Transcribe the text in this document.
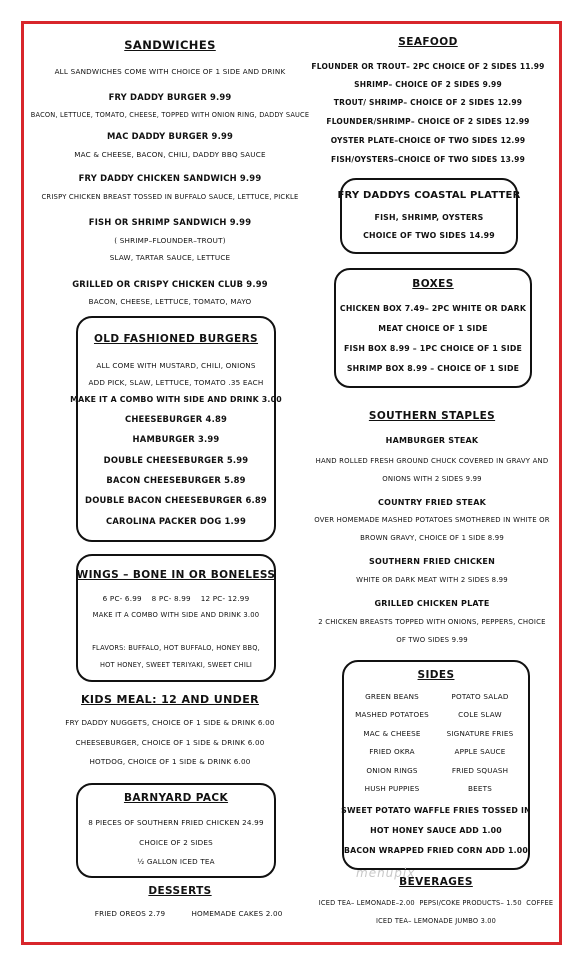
SANDWICHES
ALL SANDWICHES COME WITH CHOICE OF 1 SIDE AND DRINK
FRY DADDY BURGER 9.99
BACON, LETTUCE, TOMATO, CHEESE, TOPPED WITH ONION RING, DADDY SAUCE
MAC DADDY BURGER 9.99
MAC & CHEESE, BACON, CHILI, DADDY BBQ SAUCE
FRY DADDY CHICKEN SANDWICH 9.99
CRISPY CHICKEN BREAST TOSSED IN BUFFALO SAUCE, LETTUCE, PICKLE
FISH OR SHRIMP SANDWICH 9.99
( SHRIMP–FLOUNDER–TROUT)
SLAW, TARTAR SAUCE, LETTUCE
GRILLED OR CRISPY CHICKEN CLUB 9.99
BACON, CHEESE, LETTUCE, TOMATO, MAYO
OLD FASHIONED BURGERS
ALL COME WITH MUSTARD, CHILI, ONIONS
ADD PICK, SLAW, LETTUCE, TOMATO .35 EACH
MAKE IT A COMBO WITH SIDE AND DRINK 3.00
CHEESEBURGER 4.89
HAMBURGER 3.99
DOUBLE CHEESEBURGER 5.99
BACON CHEESEBURGER 5.89
DOUBLE BACON CHEESEBURGER 6.89
CAROLINA PACKER DOG 1.99
WINGS – BONE IN OR BONELESS
6 PC- 6.99    8 PC- 8.99    12 PC- 12.99
MAKE IT A COMBO WITH SIDE AND DRINK 3.00
FLAVORS: BUFFALO, HOT BUFFALO, HONEY BBQ,
HOT HONEY, SWEET TERIYAKI, SWEET CHILI
KIDS MEAL: 12 AND UNDER
FRY DADDY NUGGETS, CHOICE OF 1 SIDE & DRINK 6.00
CHEESEBURGER, CHOICE OF 1 SIDE & DRINK 6.00
HOTDOG, CHOICE OF 1 SIDE & DRINK 6.00
BARNYARD PACK
8 PIECES OF SOUTHERN FRIED CHICKEN 24.99
CHOICE OF 2 SIDES
½ GALLON ICED TEA
DESSERTS
FRIED OREOS 2.79	HOMEMADE CAKES 2.00
SEAFOOD
FLOUNDER OR TROUT– 2PC CHOICE OF 2 SIDES 11.99
SHRIMP– CHOICE OF 2 SIDES 9.99
TROUT/ SHRIMP– CHOICE OF 2 SIDES 12.99
FLOUNDER/SHRIMP– CHOICE OF 2 SIDES 12.99
OYSTER PLATE–CHOICE OF TWO SIDES 12.99
FISH/OYSTERS–CHOICE OF TWO SIDES 13.99
FRY DADDYS COASTAL PLATTER
FISH, SHRIMP, OYSTERS
CHOICE OF TWO SIDES 14.99
BOXES
CHICKEN BOX 7.49– 2PC WHITE OR DARK
MEAT CHOICE OF 1 SIDE
FISH BOX 8.99 – 1PC CHOICE OF 1 SIDE
SHRIMP BOX 8.99 – CHOICE OF 1 SIDE
SOUTHERN STAPLES
HAMBURGER STEAK
HAND ROLLED FRESH GROUND CHUCK COVERED IN GRAVY AND
ONIONS WITH 2 SIDES 9.99
COUNTRY FRIED STEAK
OVER HOMEMADE MASHED POTATOES SMOTHERED IN WHITE OR
BROWN GRAVY, CHOICE OF 1 SIDE 8.99
SOUTHERN FRIED CHICKEN
WHITE OR DARK MEAT WITH 2 SIDES 8.99
GRILLED CHICKEN PLATE
2 CHICKEN BREASTS TOPPED WITH ONIONS, PEPPERS, CHOICE
OF TWO SIDES 9.99
SIDES
GREEN BEANS
MASHED POTATOES
MAC & CHEESE
FRIED OKRA
ONION RINGS
HUSH PUPPIES
POTATO SALAD
COLE SLAW
SIGNATURE FRIES
APPLE SAUCE
FRIED SQUASH
BEETS
SWEET POTATO WAFFLE FRIES TOSSED IN
HOT HONEY SAUCE ADD 1.00
BACON WRAPPED FRIED CORN ADD 1.00
menupix
BEVERAGES
ICED TEA– LEMONADE–2.00  PEPSI/COKE PRODUCTS– 1.50  COFFEE
ICED TEA– LEMONADE JUMBO 3.00
